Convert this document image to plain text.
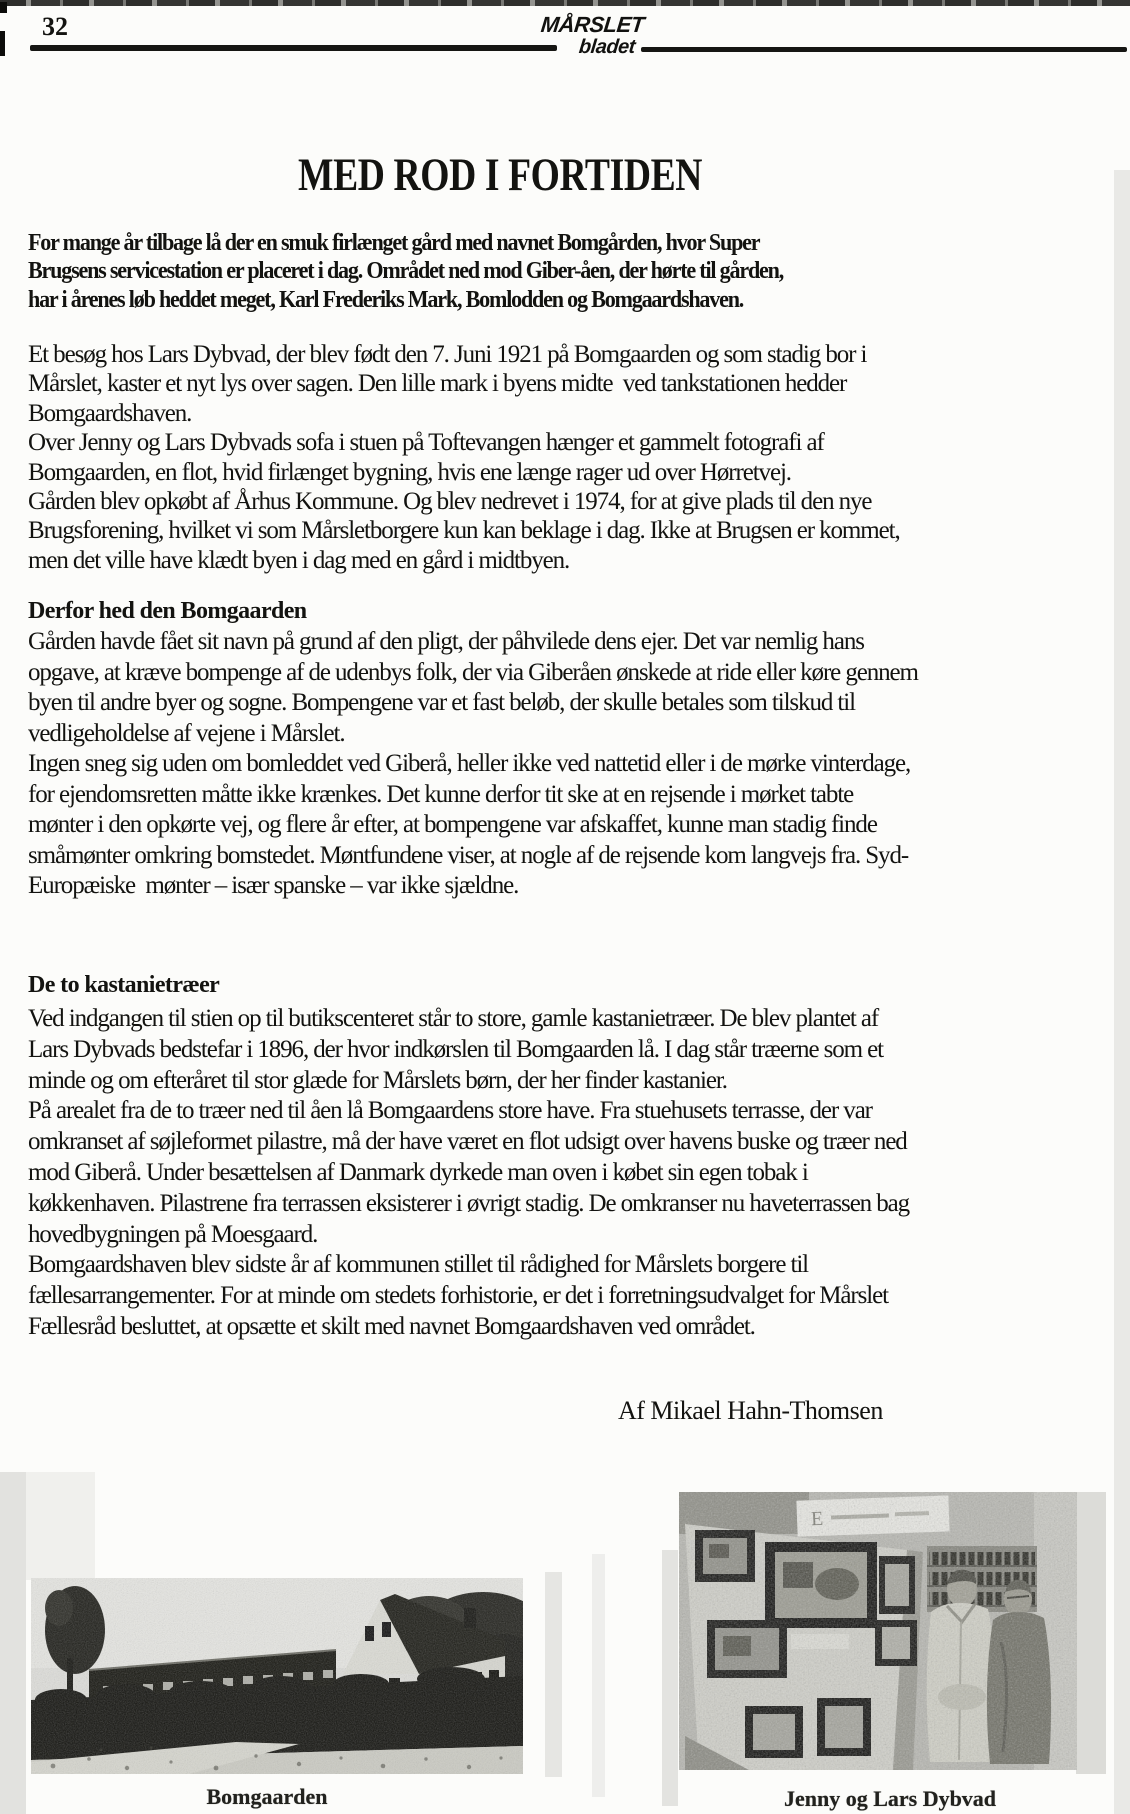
32	MÅRSLET
bladet
MED ROD I FORTIDEN
For mange år tilbage lå der en smuk firlænget gård med navnet Bomgården, hvor Super
Brugsens servicestation er placeret i dag. Området ned mod Giber-åen, der hørte til gården,
har i årenes løb heddet meget, Karl Frederiks Mark, Bomlodden og Bomgaardshaven.
Et besøg hos Lars Dybvad, der blev født den 7. Juni 1921 på Bomgaarden og som stadig bor i
Mårslet, kaster et nyt lys over sagen. Den lille mark i byens midte  ved tankstationen hedder
Bomgaardshaven.
Over Jenny og Lars Dybvads sofa i stuen på Toftevangen hænger et gammelt fotografi af
Bomgaarden, en flot, hvid firlænget bygning, hvis ene længe rager ud over Hørretvej.
Gården blev opkøbt af Århus Kommune. Og blev nedrevet i 1974, for at give plads til den nye
Brugsforening, hvilket vi som Mårsletborgere kun kan beklage i dag. Ikke at Brugsen er kommet,
men det ville have klædt byen i dag med en gård i midtbyen.
Derfor hed den Bomgaarden
Gården havde fået sit navn på grund af den pligt, der påhvilede dens ejer. Det var nemlig hans
opgave, at kræve bompenge af de udenbys folk, der via Giberåen ønskede at ride eller køre gennem
byen til andre byer og sogne. Bompengene var et fast beløb, der skulle betales som tilskud til
vedligeholdelse af vejene i Mårslet.
Ingen sneg sig uden om bomleddet ved Giberå, heller ikke ved nattetid eller i de mørke vinterdage,
for ejendomsretten måtte ikke krænkes. Det kunne derfor tit ske at en rejsende i mørket tabte
mønter i den opkørte vej, og flere år efter, at bompengene var afskaffet, kunne man stadig finde
småmønter omkring bomstedet. Møntfundene viser, at nogle af de rejsende kom langvejs fra. Syd-
Europæiske  mønter – især spanske – var ikke sjældne.
De to kastanietræer
Ved indgangen til stien op til butikscenteret står to store, gamle kastanietræer. De blev plantet af
Lars Dybvads bedstefar i 1896, der hvor indkørslen til Bomgaarden lå. I dag står træerne som et
minde og om efteråret til stor glæde for Mårslets børn, der her finder kastanier.
På arealet fra de to træer ned til åen lå Bomgaardens store have. Fra stuehusets terrasse, der var
omkranset af søjleformet pilastre, må der have været en flot udsigt over havens buske og træer ned
mod Giberå. Under besættelsen af Danmark dyrkede man oven i købet sin egen tobak i
køkkenhaven. Pilastrene fra terrassen eksisterer i øvrigt stadig. De omkranser nu haveterrassen bag
hovedbygningen på Moesgaard.
Bomgaardshaven blev sidste år af kommunen stillet til rådighed for Mårslets borgere til
fællesarrangementer. For at minde om stedets forhistorie, er det i forretningsudvalget for Mårslet
Fællesråd besluttet, at opsætte et skilt med navnet Bomgaardshaven ved området.
Af Mikael Hahn-Thomsen
Bomgaarden
E
Jenny og Lars Dybvad
